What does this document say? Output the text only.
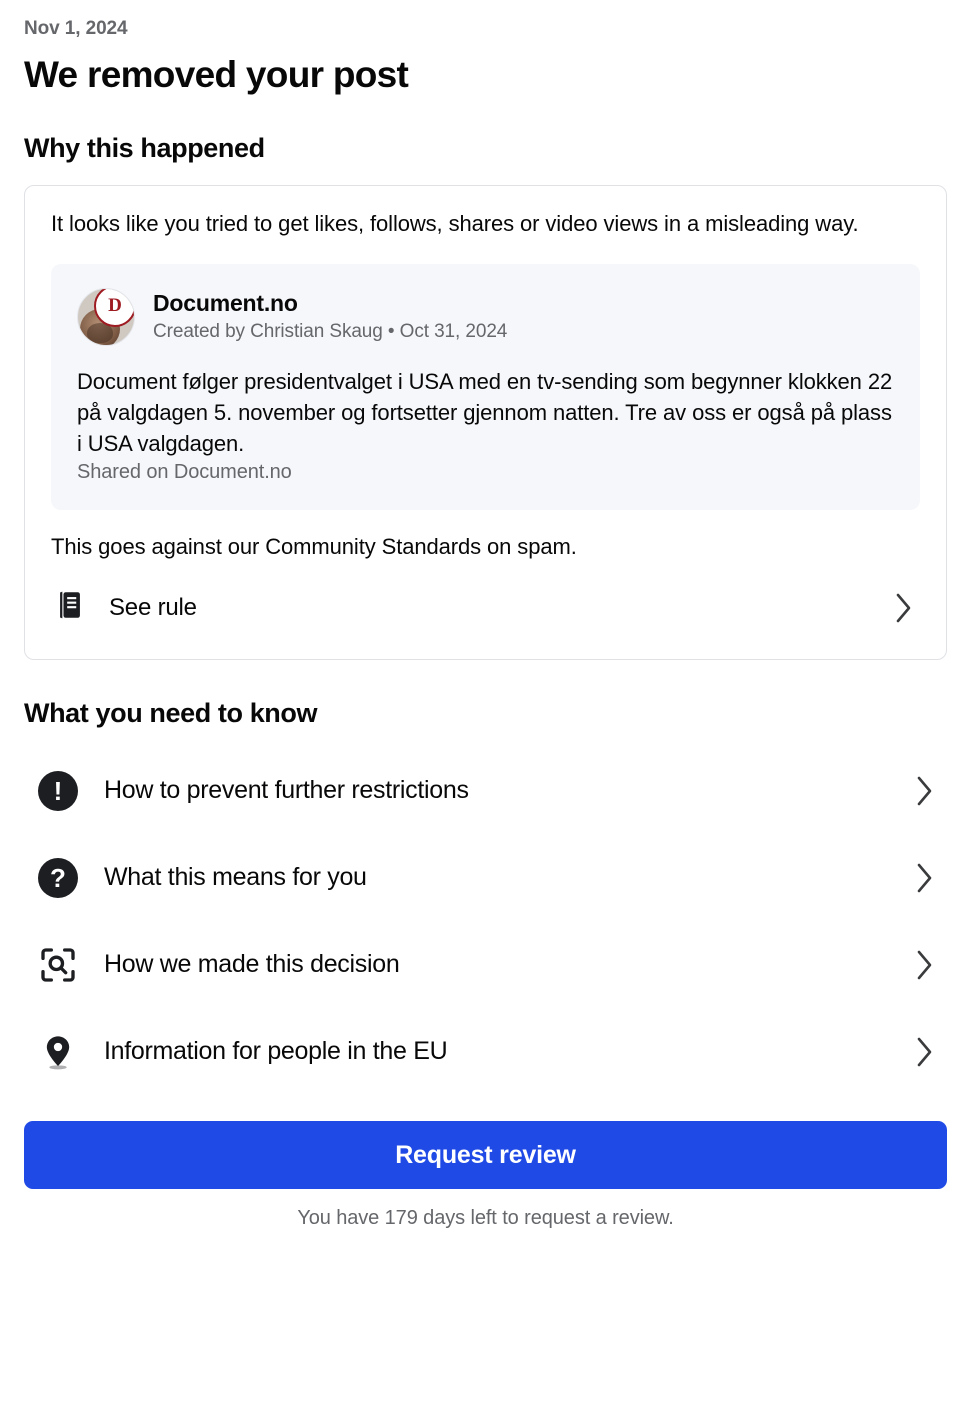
Nov 1, 2024
We removed your post
Why this happened
It looks like you tried to get likes, follows, shares or video views in a misleading way.
D	Document.no
Created by Christian Skaug • Oct 31, 2024
Document følger presidentvalget i USA med en tv-sending som begynner klokken 22 på valgdagen 5. november og fortsetter gjennom natten. Tre av oss er også på plass i USA valgdagen.
Shared on Document.no
This goes against our Community Standards on spam.
See rule
What you need to know
!	How to prevent further restrictions
?	What this means for you
How we made this decision
Information for people in the EU
Request review
You have 179 days left to request a review.
